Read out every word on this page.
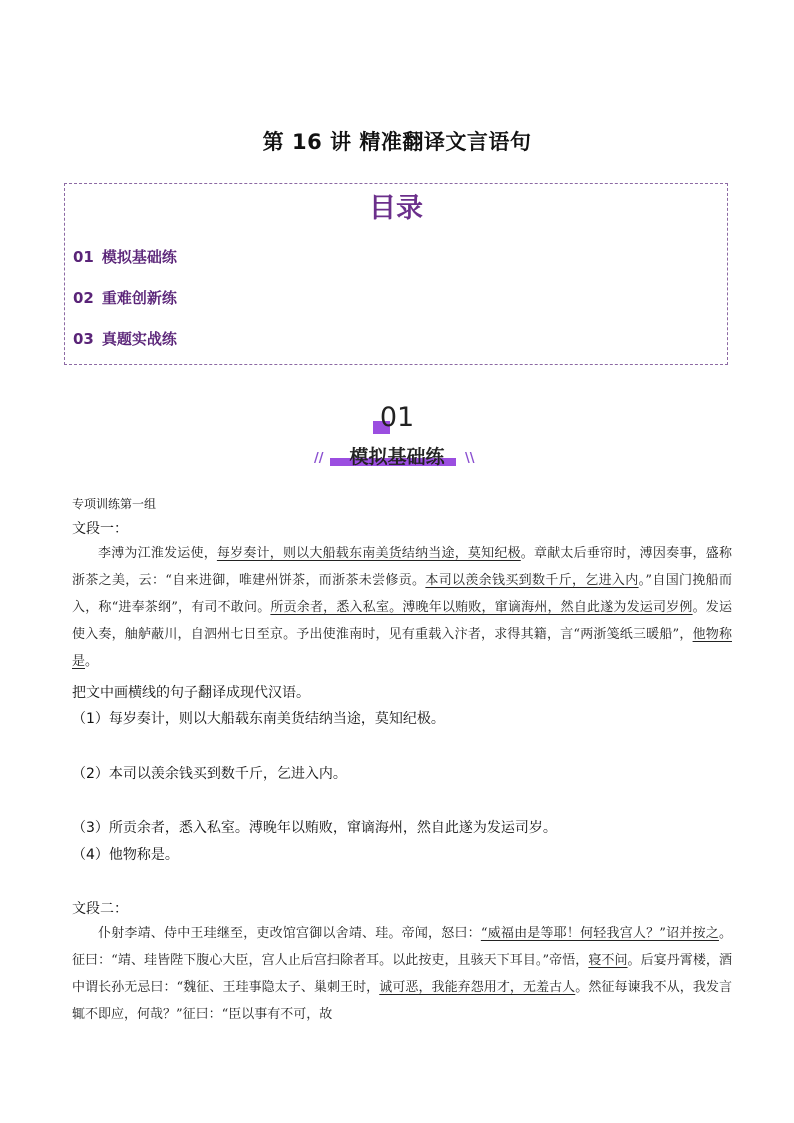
第 16 讲 精准翻译文言语句
目录
01 模拟基础练
02 重难创新练
03 真题实战练
01
//	模拟基础练	\\
专项训练第一组
文段一：
李溥为江淮发运使，每岁奏计，则以大船载东南美货结纳当途，莫知纪极。章献太后垂帘时，溥因奏事，盛称浙茶之美，云：“自来进御，唯建州饼茶，而浙茶未尝修贡。本司以羡余钱买到数千斤，乞进入内。”自国门挽船而入，称“进奉茶纲”，有司不敢问。所贡余者，悉入私室。溥晚年以贿败，窜谪海州，然自此遂为发运司岁例。发运使入奏，舳舻蔽川，自泗州七日至京。予出使淮南时，见有重载入汴者，求得其籍，言“两浙笺纸三暖船”，他物称是。
把文中画横线的句子翻译成现代汉语。
（1）每岁奏计，则以大船载东南美货结纳当途，莫知纪极。
（2）本司以羡余钱买到数千斤，乞进入内。
（3）所贡余者，悉入私室。溥晚年以贿败，窜谪海州，然自此遂为发运司岁。
（4）他物称是。
文段二：
仆射李靖、侍中王珪继至，吏改馆宫御以舍靖、珪。帝闻，怒曰：“威福由是等耶！何轻我宫人？”诏并按之。征曰：“靖、珪皆陛下腹心大臣，宫人止后宫扫除者耳。以此按吏，且骇天下耳目。”帝悟，寝不问。后宴丹霄楼，酒中谓长孙无忌曰：“魏征、王珪事隐太子、巢刺王时，诚可恶，我能弃怨用才，无羞古人。然征每谏我不从，我发言辄不即应，何哉？”征曰：“臣以事有不可，故
